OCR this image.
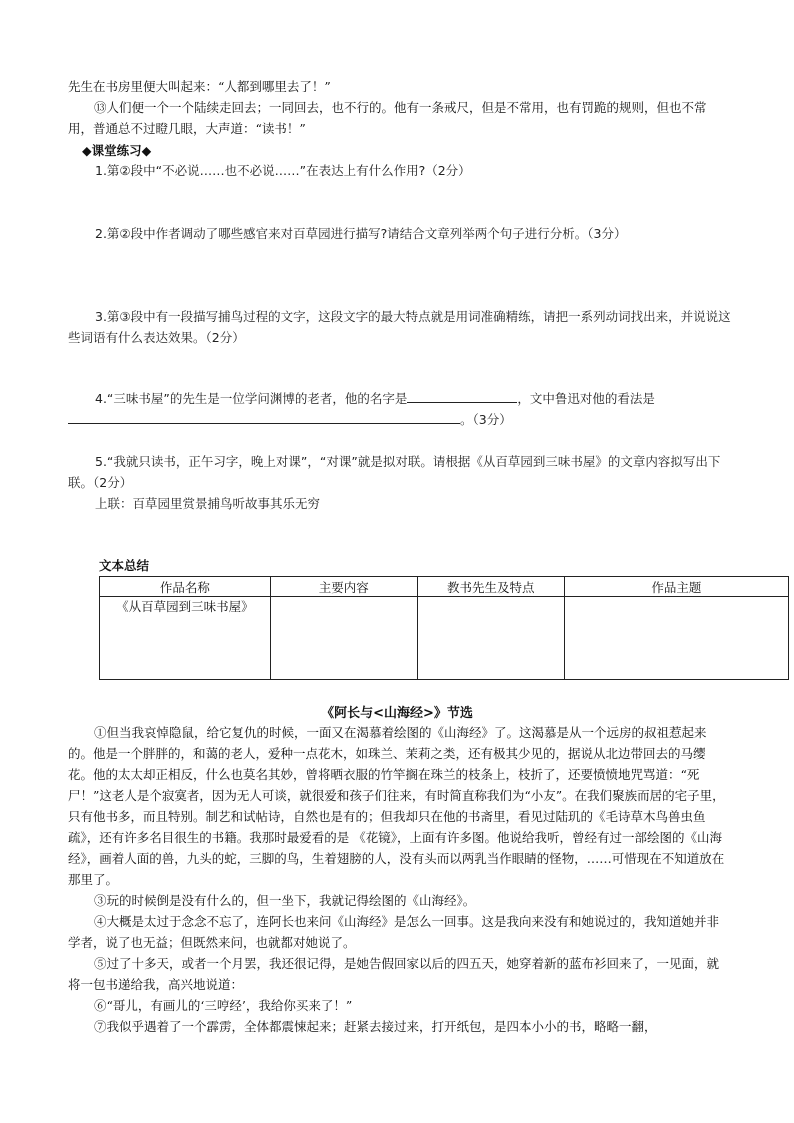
先生在书房里便大叫起来：“人都到哪里去了！”

⑬人们便一个一个陆续走回去；一同回去，也不行的。他有一条戒尺，但是不常用，也有罚跪的规则，但也不常用，普通总不过瞪几眼，大声道：“读书！”

◆课堂练习◆

1.第②段中“不必说……也不必说……”在表达上有什么作用?（2分）

2.第②段中作者调动了哪些感官来对百草园进行描写?请结合文章列举两个句子进行分析。（3分）

3.第③段中有一段描写捕鸟过程的文字，这段文字的最大特点就是用词准确精练，请把一系列动词找出来，并说说这些词语有什么表达效果。（2分）

4.“三味书屋”的先生是一位学问渊博的老者，他的名字是	，文中鲁迅对他的看法是
。（3分）

5.“我就只读书，正午习字，晚上对课”，“对课”就是拟对联。请根据《从百草园到三味书屋》的文章内容拟写出下联。（2分）

上联：百草园里赏景捕鸟听故事其乐无穷

文本总结

作品名称	主要内容	教书先生及特点	作品主题
《从百草园到三味书屋》			
《阿长与<山海经>》节选

①但当我哀悼隐鼠，给它复仇的时候，一面又在渴慕着绘图的《山海经》了。这渴慕是从一个远房的叔祖惹起来的。他是一个胖胖的，和蔼的老人，爱种一点花木，如珠兰、茉莉之类，还有极其少见的，据说从北边带回去的马缨花。他的太太却正相反，什么也莫名其妙，曾将晒衣服的竹竿搁在珠兰的枝条上，枝折了，还要愤愤地咒骂道：“死尸！”这老人是个寂寞者，因为无人可谈，就很爱和孩子们往来，有时简直称我们为“小友”。在我们聚族而居的宅子里，只有他书多，而且特别。制艺和试帖诗，自然也是有的；但我却只在他的书斋里，看见过陆玑的《毛诗草木鸟兽虫鱼疏》，还有许多名目很生的书籍。我那时最爱看的是 《花镜》，上面有许多图。他说给我听，曾经有过一部绘图的《山海经》，画着人面的兽，九头的蛇，三脚的鸟，生着翅膀的人，没有头而以两乳当作眼睛的怪物，……可惜现在不知道放在那里了。

③玩的时候倒是没有什么的，但一坐下，我就记得绘图的《山海经》。

④大概是太过于念念不忘了，连阿长也来问《山海经》是怎么一回事。这是我向来没有和她说过的，我知道她并非学者，说了也无益；但既然来问，也就都对她说了。

⑤过了十多天，或者一个月罢，我还很记得，是她告假回家以后的四五天，她穿着新的蓝布衫回来了，一见面，就将一包书递给我，高兴地说道：

⑥“哥儿，有画儿的‘三哼经’，我给你买来了！”

⑦我似乎遇着了一个霹雳，全体都震悚起来；赶紧去接过来，打开纸包，是四本小小的书，略略一翻，
